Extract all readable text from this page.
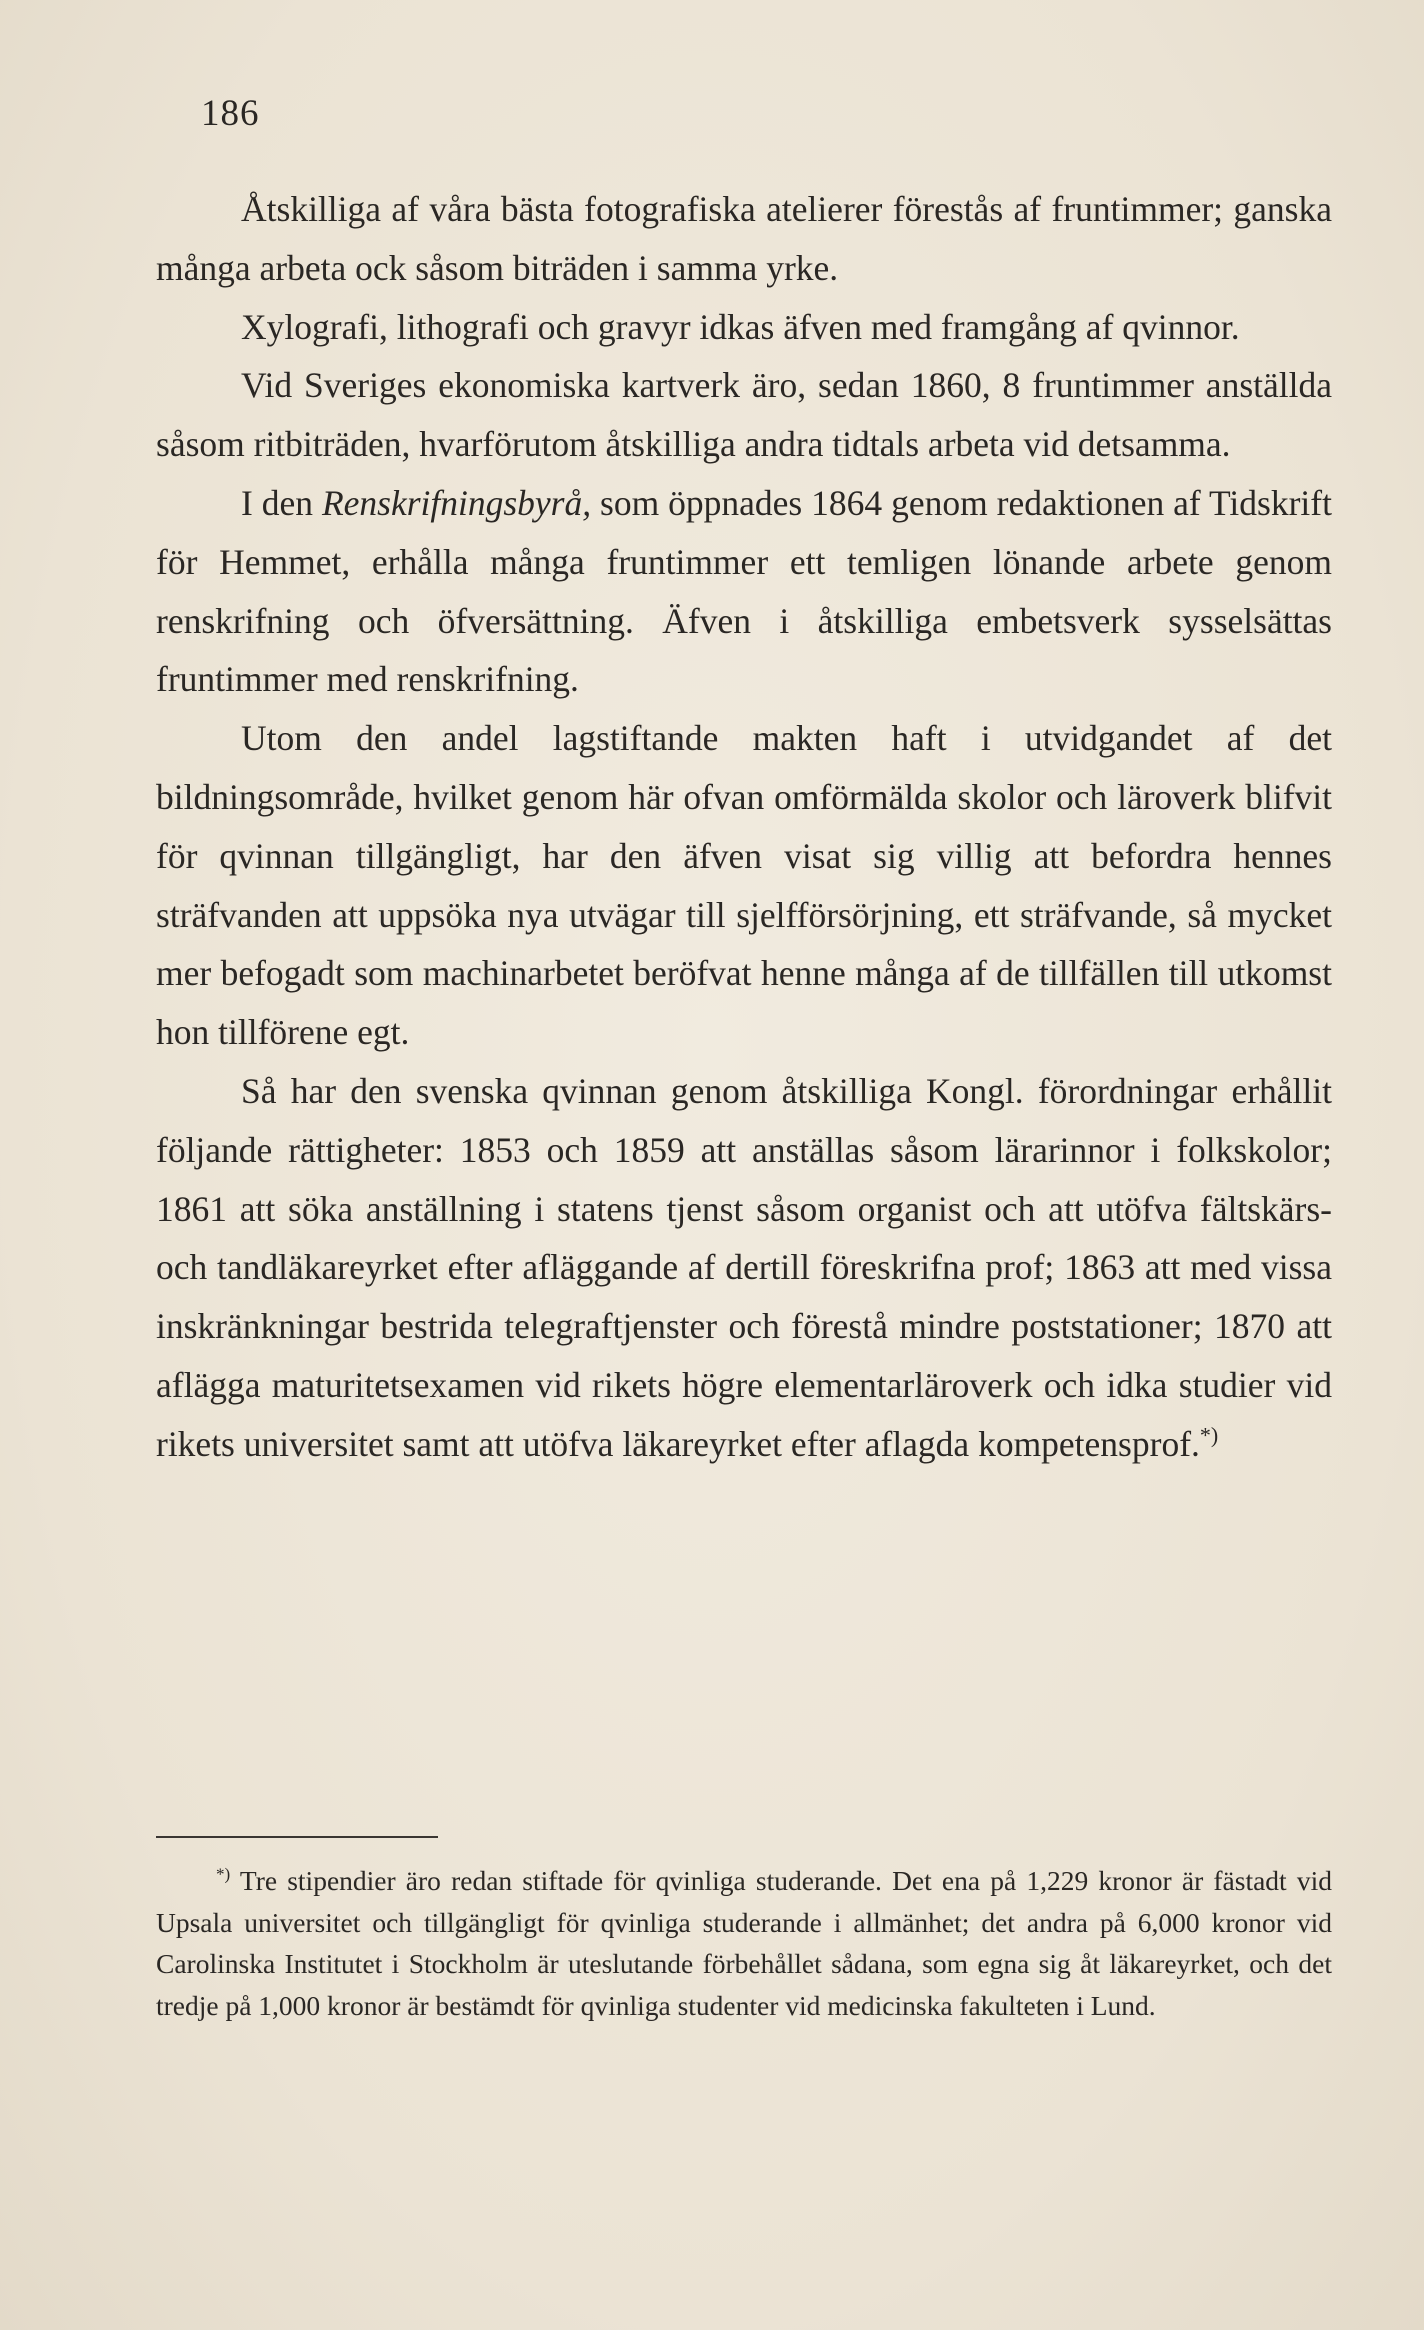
186

Åtskilliga af våra bästa fotografiska atelierer förestås af fruntimmer; ganska många arbeta ock såsom biträden i samma yrke.

Xylografi, lithografi och gravyr idkas äfven med framgång af qvinnor.

Vid Sveriges ekonomiska kartverk äro, sedan 1860, 8 fruntimmer anställda såsom ritbiträden, hvarförutom åtskilliga andra tidtals arbeta vid detsamma.

I den Renskrifningsbyrå, som öppnades 1864 genom redaktionen af Tidskrift för Hemmet, erhålla många fruntimmer ett temligen lönande arbete genom renskrifning och öfversättning. Äfven i åtskilliga embetsverk sysselsättas fruntimmer med renskrifning.

Utom den andel lagstiftande makten haft i utvidgandet af det bildningsområde, hvilket genom här ofvan omförmälda skolor och läroverk blifvit för qvinnan tillgängligt, har den äfven visat sig villig att befordra hennes sträfvanden att uppsöka nya utvägar till sjelfförsörjning, ett sträfvande, så mycket mer befogadt som machinarbetet beröfvat henne många af de tillfällen till utkomst hon tillförene egt.

Så har den svenska qvinnan genom åtskilliga Kongl. förordningar erhållit följande rättigheter: 1853 och 1859 att anställas såsom lärarinnor i folkskolor; 1861 att söka anställning i statens tjenst såsom organist och att utöfva fältskärs- och tandläkareyrket efter afläggande af dertill föreskrifna prof; 1863 att med vissa inskränkningar bestrida telegraftjenster och förestå mindre poststationer; 1870 att aflägga maturitetsexamen vid rikets högre elementarläroverk och idka studier vid rikets universitet samt att utöfva läkareyrket efter aflagda kompetensprof.*)

*) Tre stipendier äro redan stiftade för qvinliga studerande. Det ena på 1,229 kronor är fästadt vid Upsala universitet och tillgängligt för qvinliga studerande i allmänhet; det andra på 6,000 kronor vid Carolinska Institutet i Stockholm är uteslutande förbehållet sådana, som egna sig åt läkareyrket, och det tredje på 1,000 kronor är bestämdt för qvinliga studenter vid medicinska fakulteten i Lund.
